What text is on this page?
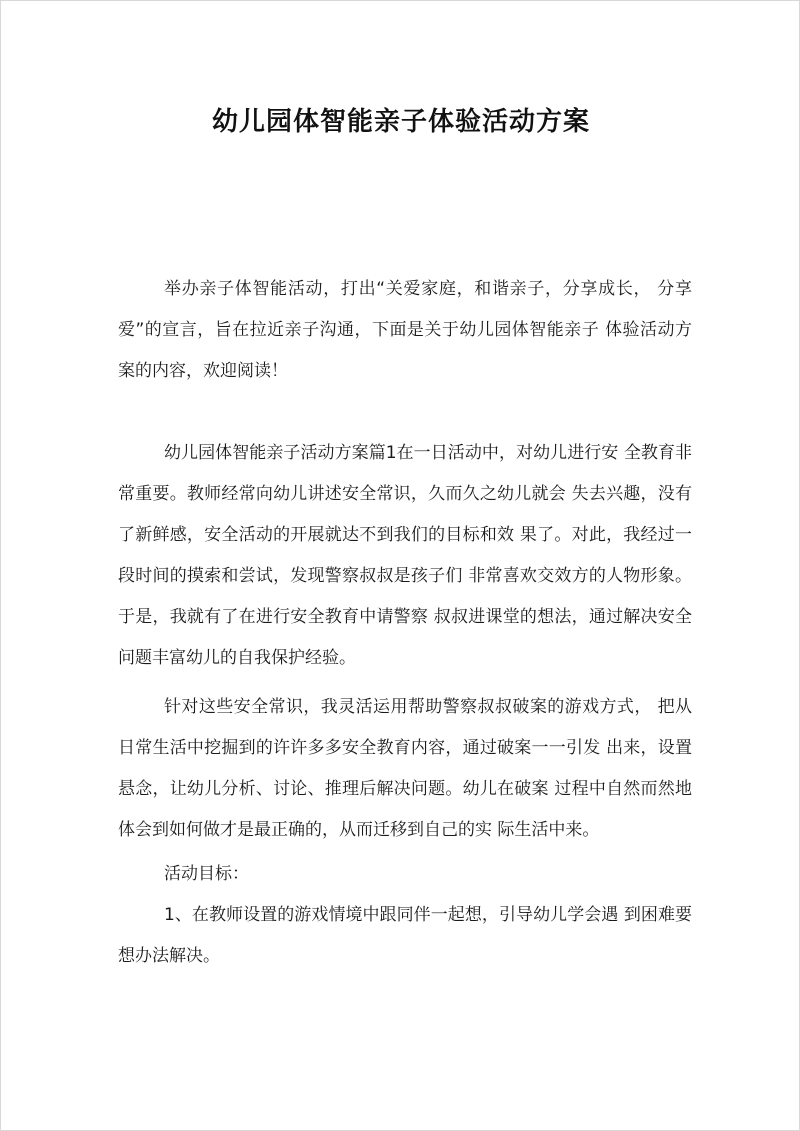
幼儿园体智能亲子体验活动方案

举办亲子体智能活动，打出“关爱家庭，和谐亲子，分享成长， 分享爱”的宣言，旨在拉近亲子沟通，下面是关于幼儿园体智能亲子 体验活动方案的内容，欢迎阅读！

幼儿园体智能亲子活动方案篇1在一日活动中，对幼儿进行安 全教育非常重要。教师经常向幼儿讲述安全常识，久而久之幼儿就会 失去兴趣，没有了新鲜感，安全活动的开展就达不到我们的目标和效 果了。对此，我经过一段时间的摸索和尝试，发现警察叔叔是孩子们 非常喜欢交效方的人物形象。于是，我就有了在进行安全教育中请警察 叔叔进课堂的想法，通过解决安全问题丰富幼儿的自我保护经验。

针对这些安全常识，我灵活运用帮助警察叔叔破案的游戏方式， 把从日常生活中挖掘到的许许多多安全教育内容，通过破案一一引发 出来，设置悬念，让幼儿分析、讨论、推理后解决问题。幼儿在破案 过程中自然而然地体会到如何做才是最正确的，从而迁移到自己的实 际生活中来。

活动目标：

1、在教师设置的游戏情境中跟同伴一起想，引导幼儿学会遇 到困难要想办法解决。
